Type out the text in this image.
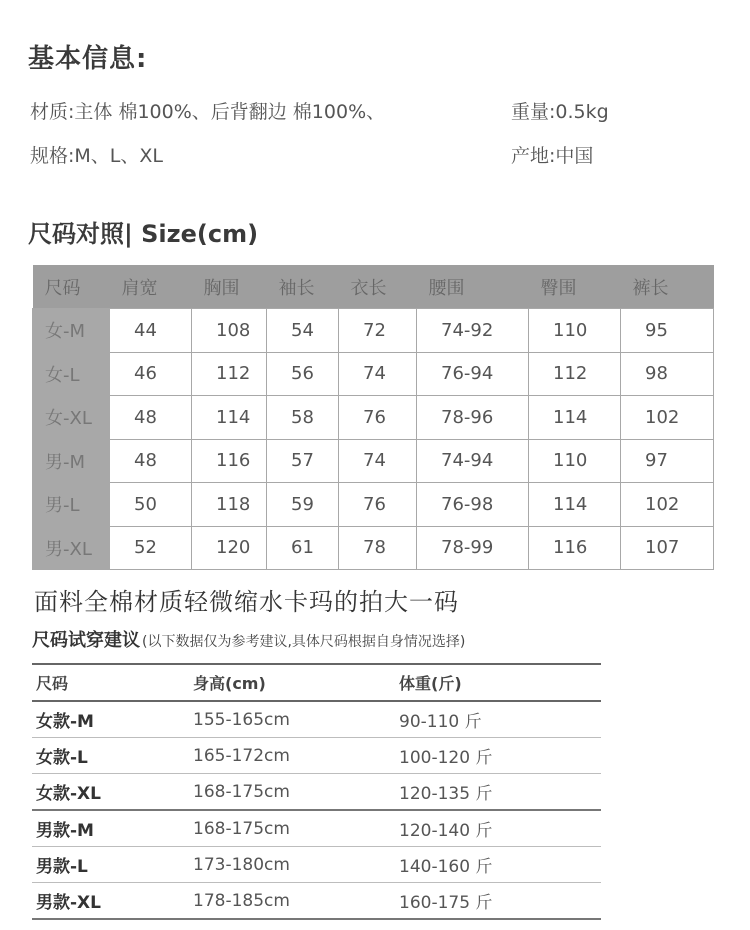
基本信息:
材质:主体 棉100%、后背翻边 棉100%、	重量:0.5kg
规格:M、L、XL	产地:中国
尺码对照| Size(cm)
尺码	肩宽	胸围	袖长	衣长	腰围	臀围	裤长
女-M	44	108	54	72	74-92	110	95
女-L	46	112	56	74	76-94	112	98
女-XL	48	114	58	76	78-96	114	102
男-M	48	116	57	74	74-94	110	97
男-L	50	118	59	76	76-98	114	102
男-XL	52	120	61	78	78-99	116	107
面料全棉材质轻微缩水卡玛的拍大一码
尺码试穿建议 (以下数据仅为参考建议,具体尺码根据自身情况选择)
尺码	身高(cm)	体重(斤)
女款-M	155-165cm	90-110 斤
女款-L	165-172cm	100-120 斤
女款-XL	168-175cm	120-135 斤
男款-M	168-175cm	120-140 斤
男款-L	173-180cm	140-160 斤
男款-XL	178-185cm	160-175 斤
